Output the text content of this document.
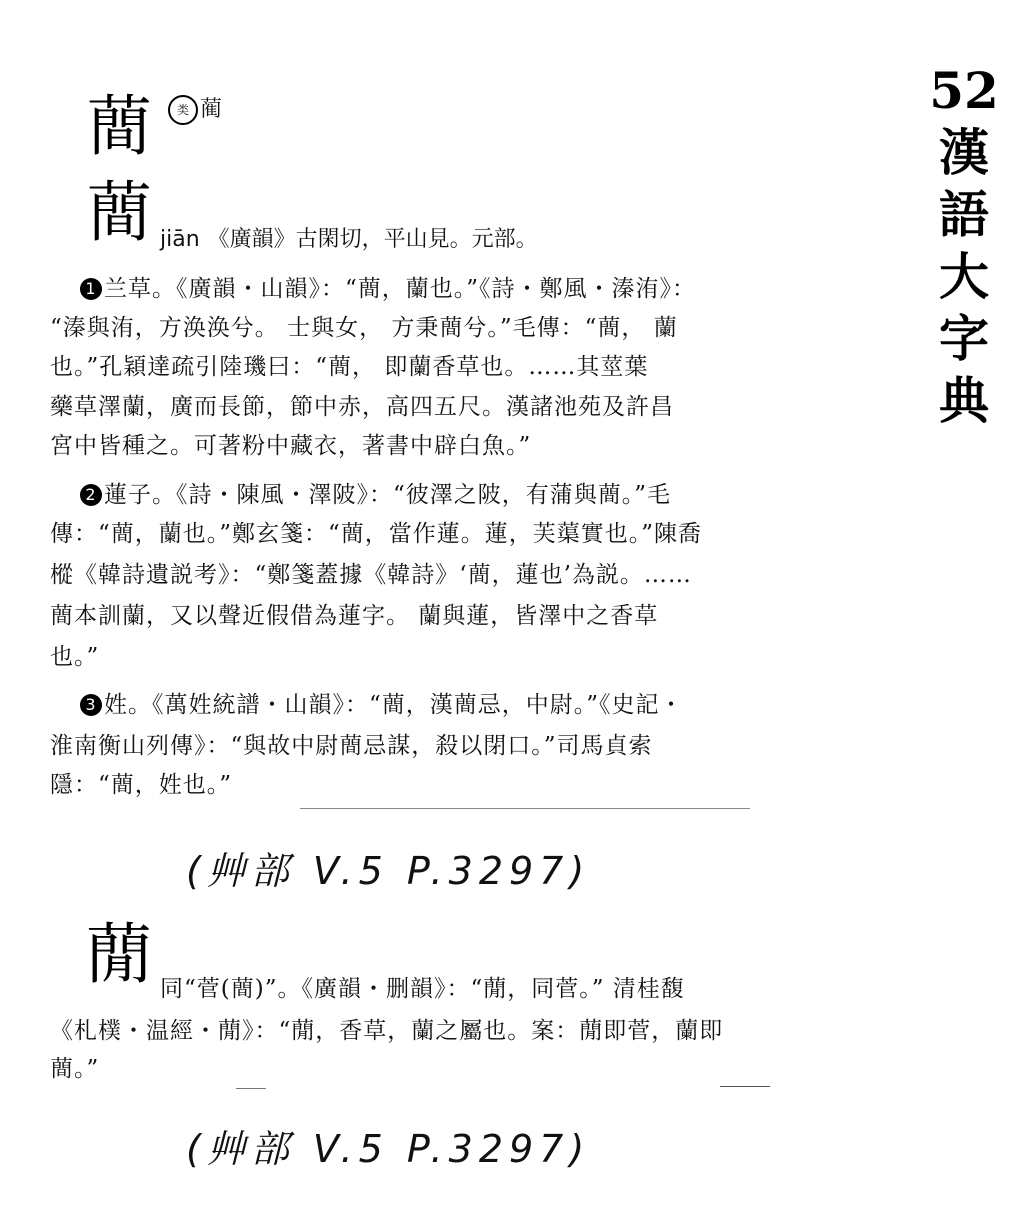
52
漢
語
大
字
典
蕳	类 蔺
蕳 jiān 《廣韻》古閑切，平山見。元部。
1 兰草。《廣韻・山韻》：“蕳，蘭也。”《詩・鄭風・溱洧》：
“溱與洧，方涣涣兮。 士與女， 方秉蕳兮。”毛傳：“蕳， 蘭
也。”孔穎達疏引陸璣曰：“蕳， 即蘭香草也。……其莖葉
藥草澤蘭，廣而長節，節中赤，高四五尺。漢諸池苑及許昌
宮中皆種之。可著粉中藏衣，著書中辟白魚。”
2 蓮子。《詩・陳風・澤陂》：“彼澤之陂，有蒲與蕳。”毛
傳：“蕳，蘭也。”鄭玄箋：“蕳，當作蓮。蓮，芙蕖實也。”陳喬
樅《韓詩遺説考》：“鄭箋蓋據《韓詩》‘蕳，蓮也’為説。……
蕳本訓蘭，又以聲近假借為蓮字。 蘭與蓮，皆澤中之香草
也。”
3 姓。《萬姓統譜・山韻》：“蕳，漢蕳忌，中尉。”《史記・
淮南衡山列傳》：“與故中尉蕳忌謀，殺以閉口。”司馬貞索
隱：“蕳，姓也。”
(艸部 V.5 P.3297)
蕑 同“菅(蕳)”。《廣韻・删韻》：“蕑，同菅。” 清桂馥
《札樸・温經・蕑》：“蕑，香草，蘭之屬也。案：蕑即菅，蘭即
蕳。”
(艸部 V.5 P.3297)
